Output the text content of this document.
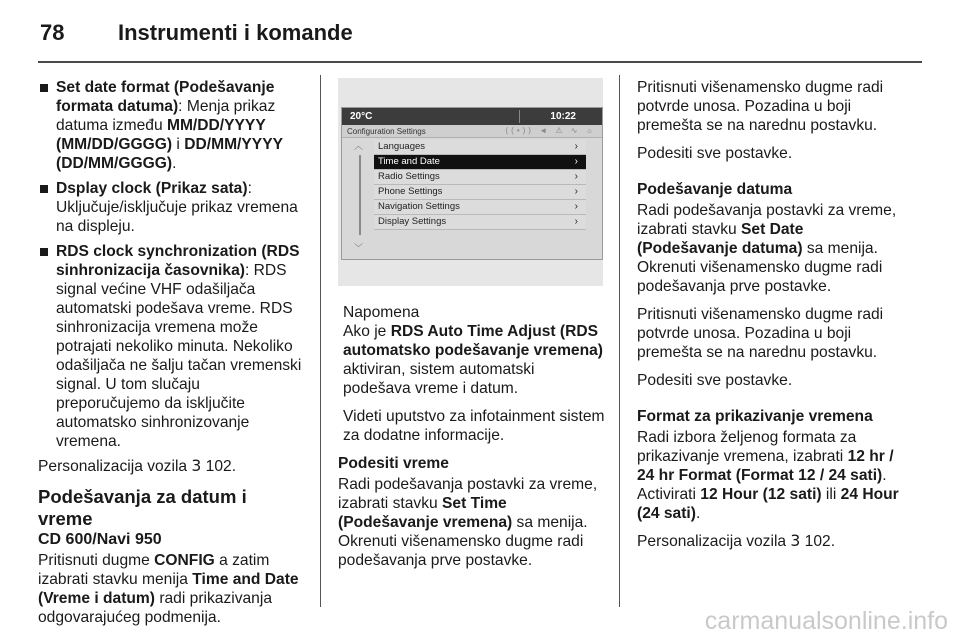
78 Instrumenti i komande
Set date format (Podešavanje formata datuma): Menja prikaz datuma između MM/DD/YYYY (MM/DD/GGGG) i DD/MM/YYYY (DD/MM/GGGG).
Dsplay clock (Prikaz sata): Uključuje/isključuje prikaz vremena na displeju.
RDS clock synchronization (RDS sinhronizacija časovnika): RDS signal većine VHF odašiljača automatski podešava vreme. RDS sinhronizacija vremena može potrajati nekoliko minuta. Nekoliko odašiljača ne šalju tačan vremenski signal. U tom slučaju preporučujemo da isključite automatsko sinhronizovanje vremena.
Personalizacija vozila 3 102.
Podešavanja za datum i vreme
CD 600/Navi 950
Pritisnuti dugme CONFIG a zatim izabrati stavku menija Time and Date (Vreme i datum) radi prikazivanja odgovarajućeg podmenija.
20°C	10:22
Configuration Settings	((•)) ◄ ⚠ ∿ ☼
︿
﹀
Languages	›
Time and Date	›
Radio Settings	›
Phone Settings	›
Navigation Settings	›
Display Settings	›
Napomena
Ako je RDS Auto Time Adjust (RDS automatsko podešavanje vremena) aktiviran, sistem automatski podešava vreme i datum.
Videti uputstvo za infotainment sistem za dodatne informacije.
Podesiti vreme
Radi podešavanja postavki za vreme, izabrati stavku Set Time (Podešavanje vremena) sa menija. Okrenuti višenamensko dugme radi podešavanja prve postavke.
Pritisnuti višenamensko dugme radi potvrde unosa. Pozadina u boji premešta se na narednu postavku.
Podesiti sve postavke.
Podešavanje datuma
Radi podešavanja postavki za vreme, izabrati stavku Set Date (Podešavanje datuma) sa menija. Okrenuti višenamensko dugme radi podešavanja prve postavke.
Pritisnuti višenamensko dugme radi potvrde unosa. Pozadina u boji premešta se na narednu postavku.
Podesiti sve postavke.
Format za prikazivanje vremena
Radi izbora željenog formata za prikazivanje vremena, izabrati 12 hr / 24 hr Format (Format 12 / 24 sati). Activirati 12 Hour (12 sati) ili 24 Hour (24 sati).
Personalizacija vozila 3 102.
carmanualsonline.info
